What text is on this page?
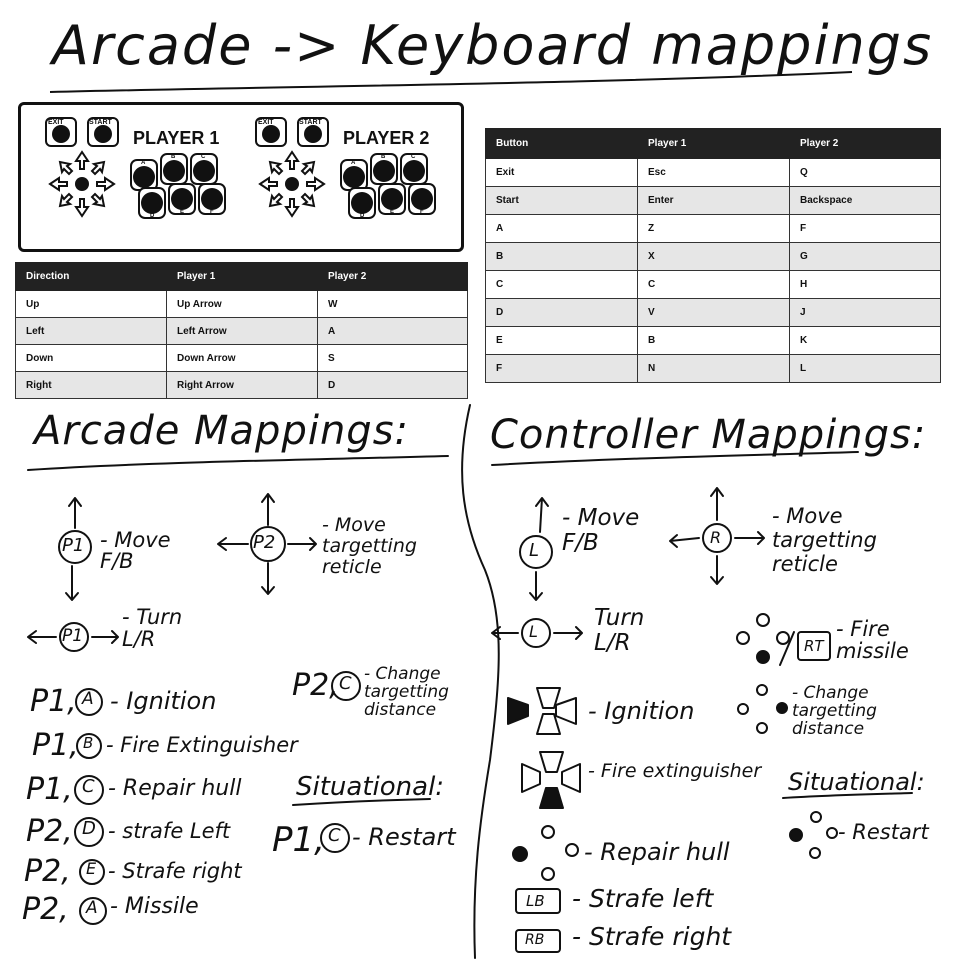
Arcade -> Keyboard mappings
EXIT	START	EXIT	START
PLAYER 1	PLAYER 2
A
B	C
D
E	F
A
B	C
D
E	F
Direction	Player 1	Player 2
Up	Up Arrow	W
Left	Left Arrow	A
Down	Down Arrow	S
Right	Right Arrow	D
Button	Player 1	Player 2
Exit	Esc	Q
Start	Enter	Backspace
A	Z	F
B	X	G
C	C	H
D	V	J
E	B	K
F	N	L
Arcade Mappings:
P1 - Move
F/B
P2
- Move
targetting
reticle
P1
- Turn
L/R
P1, A - Ignition
P1, B - Fire Extinguisher
P1, C - Repair hull
P2, D - strafe Left
P2, E - Strafe right
P2, A - Missile
P2, C - Change
targetting
distance
Situational:
P1, C - Restart
Controller Mappings:
L
- Move
F/B	R
- Move
targetting
reticle
L
Turn
L/R	RT
- Fire
missile
- Ignition
- Change
targetting
distance
- Fire extinguisher Situational:
- Repair hull
- Restart
LB - Strafe left
RB - Strafe right
